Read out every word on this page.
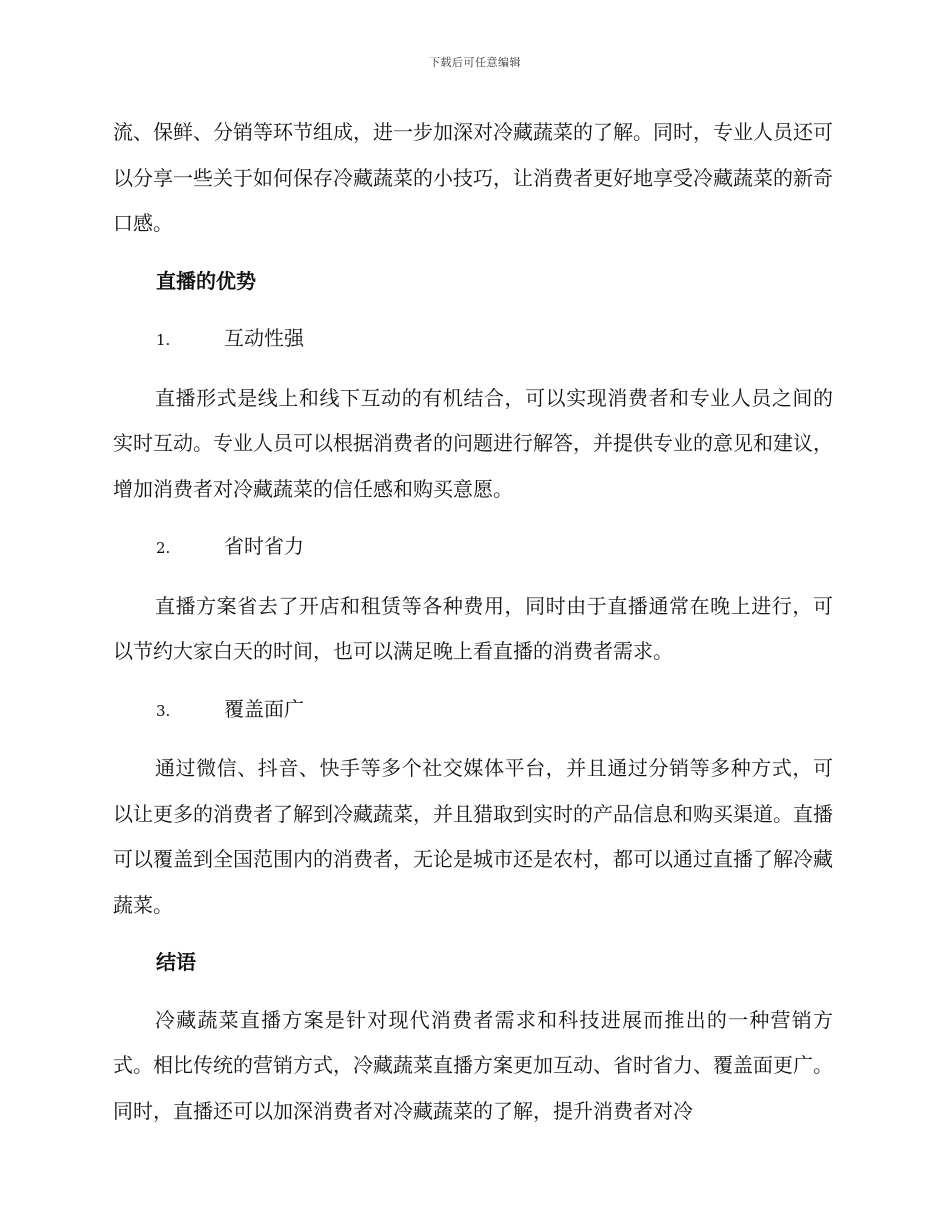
下载后可任意编辑

流、保鲜、分销等环节组成，进一步加深对冷藏蔬菜的了解。同时，专业人员还可以分享一些关于如何保存冷藏蔬菜的小技巧，让消费者更好地享受冷藏蔬菜的新奇口感。

直播的优势
1.	互动性强

直播形式是线上和线下互动的有机结合，可以实现消费者和专业人员之间的实时互动。专业人员可以根据消费者的问题进行解答，并提供专业的意见和建议，增加消费者对冷藏蔬菜的信任感和购买意愿。

2.	省时省力

直播方案省去了开店和租赁等各种费用，同时由于直播通常在晚上进行，可以节约大家白天的时间，也可以满足晚上看直播的消费者需求。

3.	覆盖面广

通过微信、抖音、快手等多个社交媒体平台，并且通过分销等多种方式，可以让更多的消费者了解到冷藏蔬菜，并且猎取到实时的产品信息和购买渠道。直播可以覆盖到全国范围内的消费者，无论是城市还是农村，都可以通过直播了解冷藏蔬菜。

结语

冷藏蔬菜直播方案是针对现代消费者需求和科技进展而推出的一种营销方式。相比传统的营销方式，冷藏蔬菜直播方案更加互动、省时省力、覆盖面更广。同时，直播还可以加深消费者对冷藏蔬菜的了解，提升消费者对冷
